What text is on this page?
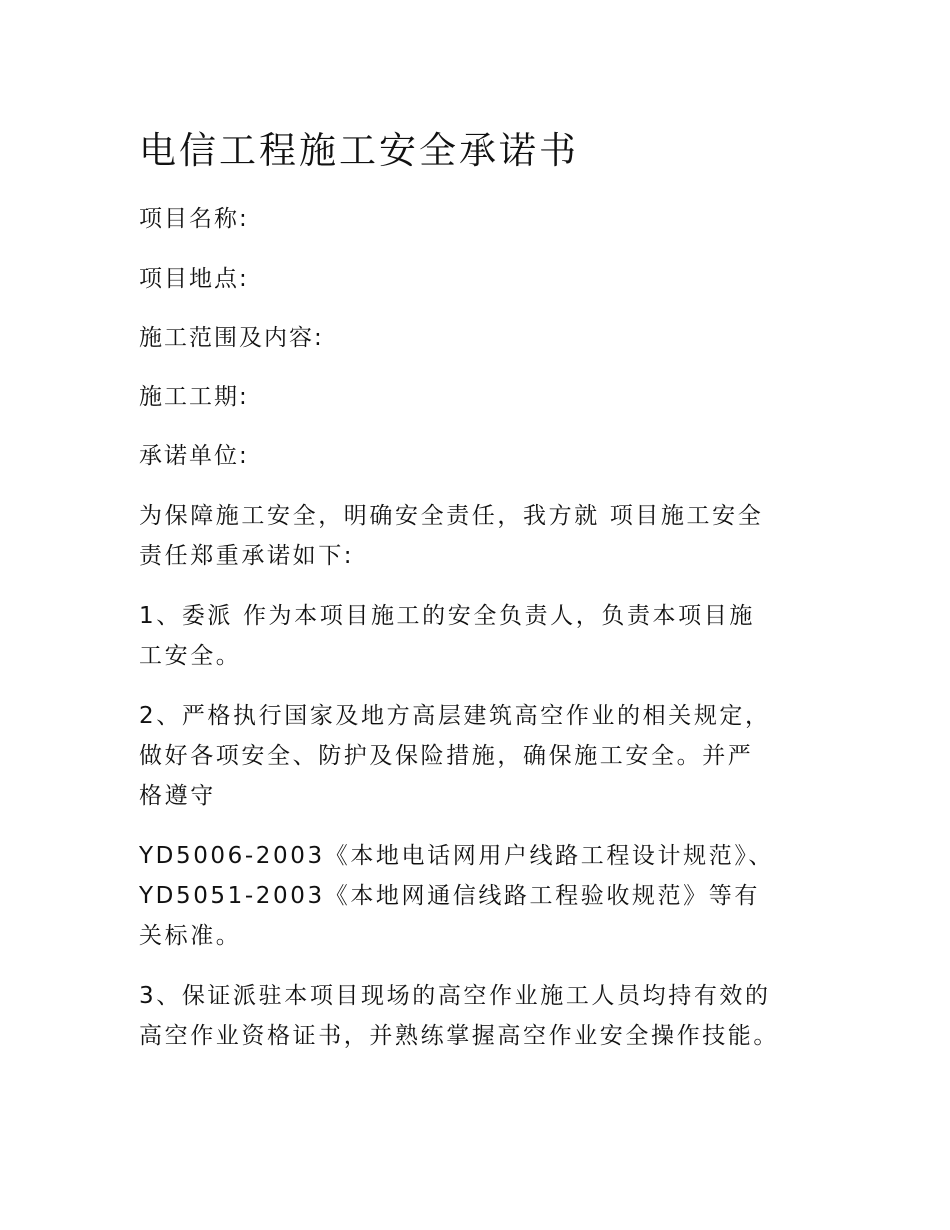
电信工程施工安全承诺书

项目名称:

项目地点:

施工范围及内容:

施工工期:

承诺单位:

为保障施工安全，明确安全责任，我方就 项目施工安全
责任郑重承诺如下:
1、委派 作为本项目施工的安全负责人，负责本项目施
工安全。
2、严格执行国家及地方高层建筑高空作业的相关规定，
做好各项安全、防护及保险措施，确保施工安全。并严
格遵守
YD5006-2003《本地电话网用户线路工程设计规范》、
YD5051-2003《本地网通信线路工程验收规范》等有
关标准。
3、保证派驻本项目现场的高空作业施工人员均持有效的
高空作业资格证书，并熟练掌握高空作业安全操作技能。
